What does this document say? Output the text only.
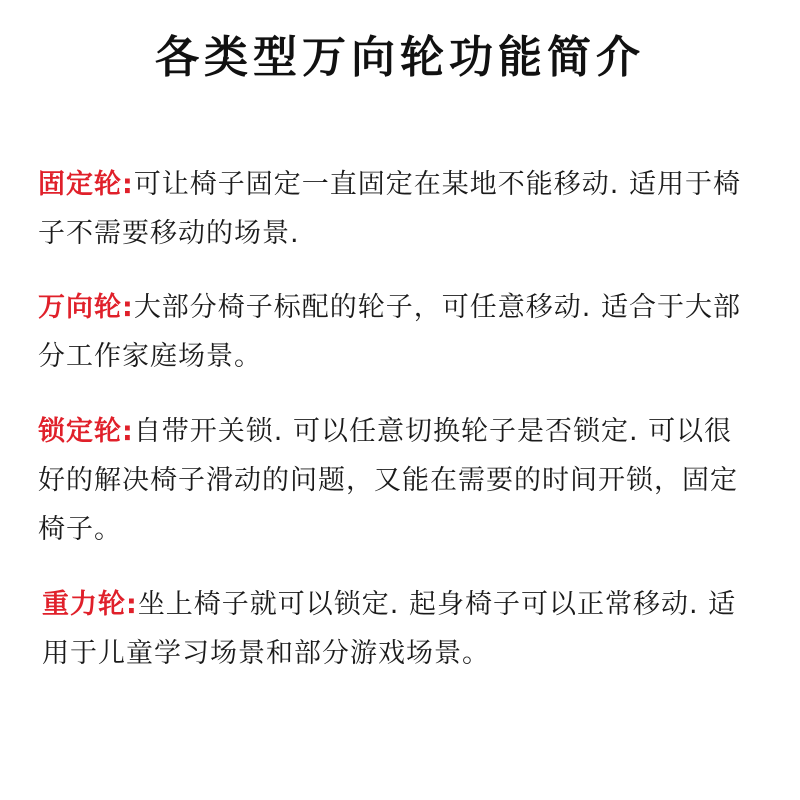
各类型万向轮功能简介
固定轮:可让椅子固定一直固定在某地不能移动. 适用于椅子不需要移动的场景.
万向轮:大部分椅子标配的轮子，可任意移动. 适合于大部分工作家庭场景。
锁定轮:自带开关锁. 可以任意切换轮子是否锁定. 可以很好的解决椅子滑动的问题，又能在需要的时间开锁，固定椅子。
重力轮:坐上椅子就可以锁定. 起身椅子可以正常移动. 适用于儿童学习场景和部分游戏场景。
